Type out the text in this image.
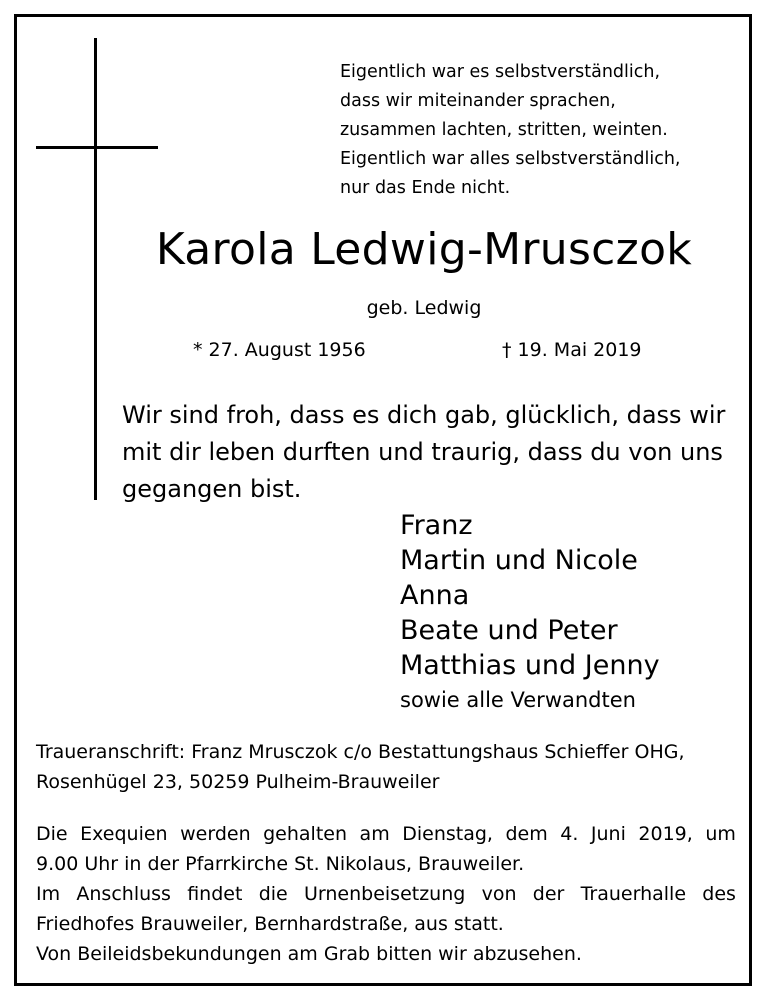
Eigentlich war es selbstverständlich,
dass wir miteinander sprachen,
zusammen lachten, stritten, weinten.
Eigentlich war alles selbstverständlich,
nur das Ende nicht.
Karola Ledwig-Mrusczok
geb. Ledwig
* 27. August 1956	† 19. Mai 2019
Wir sind froh, dass es dich gab, glücklich, dass wir
mit dir leben durften und traurig, dass du von uns
gegangen bist.
Franz
Martin und Nicole
Anna
Beate und Peter
Matthias und Jenny
sowie alle Verwandten
Traueranschrift: Franz Mrusczok c/o Bestattungshaus Schieffer OHG,
Rosenhügel 23, 50259 Pulheim-Brauweiler
Die Exequien werden gehalten am Dienstag, dem 4. Juni 2019, um
9.00 Uhr in der Pfarrkirche St. Nikolaus, Brauweiler.
Im Anschluss findet die Urnenbeisetzung von der Trauerhalle des
Friedhofes Brauweiler, Bernhardstraße, aus statt.
Von Beileidsbekundungen am Grab bitten wir abzusehen.
